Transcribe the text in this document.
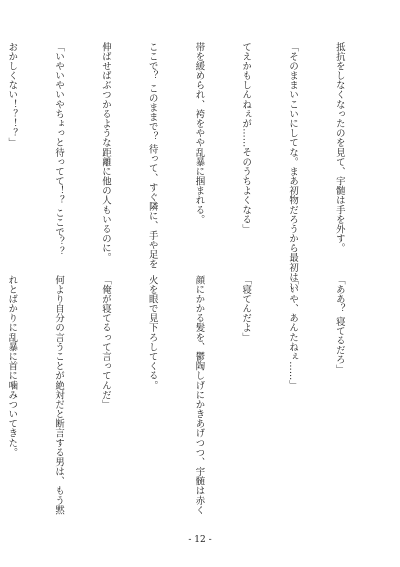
抵抗をしなくなったのを見て、宇髄は手を外す。

「そのままいこいにしてな。まあ初物だろうから最初はい

てえかもしんねぇが……そのうちよくなる」

帯を緩められ、袴をやや乱暴に掴まれる。

ここで？ このままで？ 待って、すぐ隣に、手や足を

伸ばせばぶつかるような距離に他の人もいるのに。

「いやいやいやちょっと待ってて！？ ここで？？

おかしくない！？！？」

「ああ？ 寝てるだろ」

「いや、あんたねぇ……」

「寝てんだよ」

顔にかかる髪を、鬱陶しげにかきあげつつ、宇髄は赤く

火を眼で見下ろしてくる。

「俺が寝てるって言ってんだ」

何より自分の言うことが絶対だと断言する男は、もう黙

れとばかりに乱暴に首に噛みついてきた。

- 12 -
